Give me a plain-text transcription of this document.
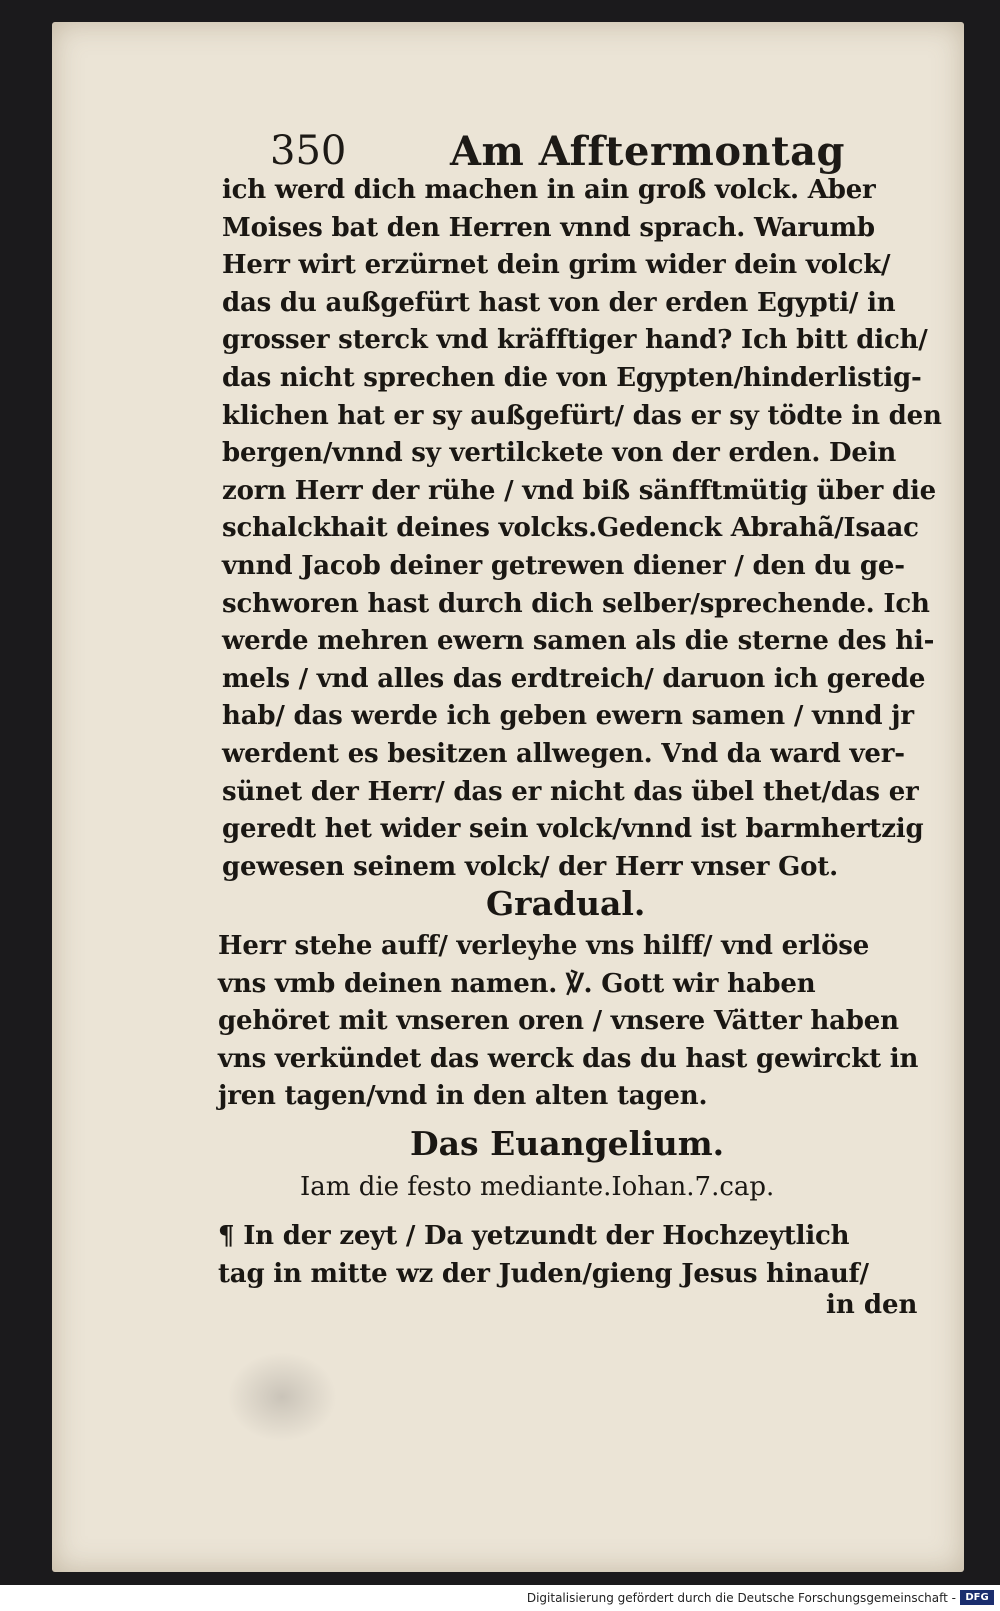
350	Am Afftermontag
ich werd dich machen in ain groß volck. Aber
Moises bat den Herren vnnd sprach. Warumb
Herr wirt erzürnet dein grim wider dein volck/
das du außgefürt hast von der erden Egypti/ in
grosser sterck vnd kräfftiger hand? Ich bitt dich/
das nicht sprechen die von Egypten/hinderlistig-
klichen hat er sy außgefürt/ das er sy tödte in den
bergen/vnnd sy vertilckete von der erden. Dein
zorn Herr der rühe / vnd biß sänfftmütig über die
schalckhait deines volcks.Gedenck Abrahã/Isaac
vnnd Jacob deiner getrewen diener / den du ge-
schworen hast durch dich selber/sprechende. Ich
werde mehren ewern samen als die sterne des hi-
mels / vnd alles das erdtreich/ daruon ich gerede
hab/ das werde ich geben ewern samen / vnnd jr
werdent es besitzen allwegen. Vnd da ward ver-
sünet der Herr/ das er nicht das übel thet/das er
geredt het wider sein volck/vnnd ist barmhertzig
gewesen seinem volck/ der Herr vnser Got.
Gradual.
Herr stehe auff/ verleyhe vns hilff/ vnd erlöse
vns vmb deinen namen. ℣. Gott wir haben
gehöret mit vnseren oren / vnsere Vätter haben
vns verkündet das werck das du hast gewirckt in
jren tagen/vnd in den alten tagen.
Das Euangelium.
Iam die festo mediante.Iohan.7.cap.
¶ In der zeyt / Da yetzundt der Hochzeytlich
tag in mitte wz der Juden/gieng Jesus hinauf/
in den
Digitalisierung gefördert durch die Deutsche Forschungsgemeinschaft - DFG
